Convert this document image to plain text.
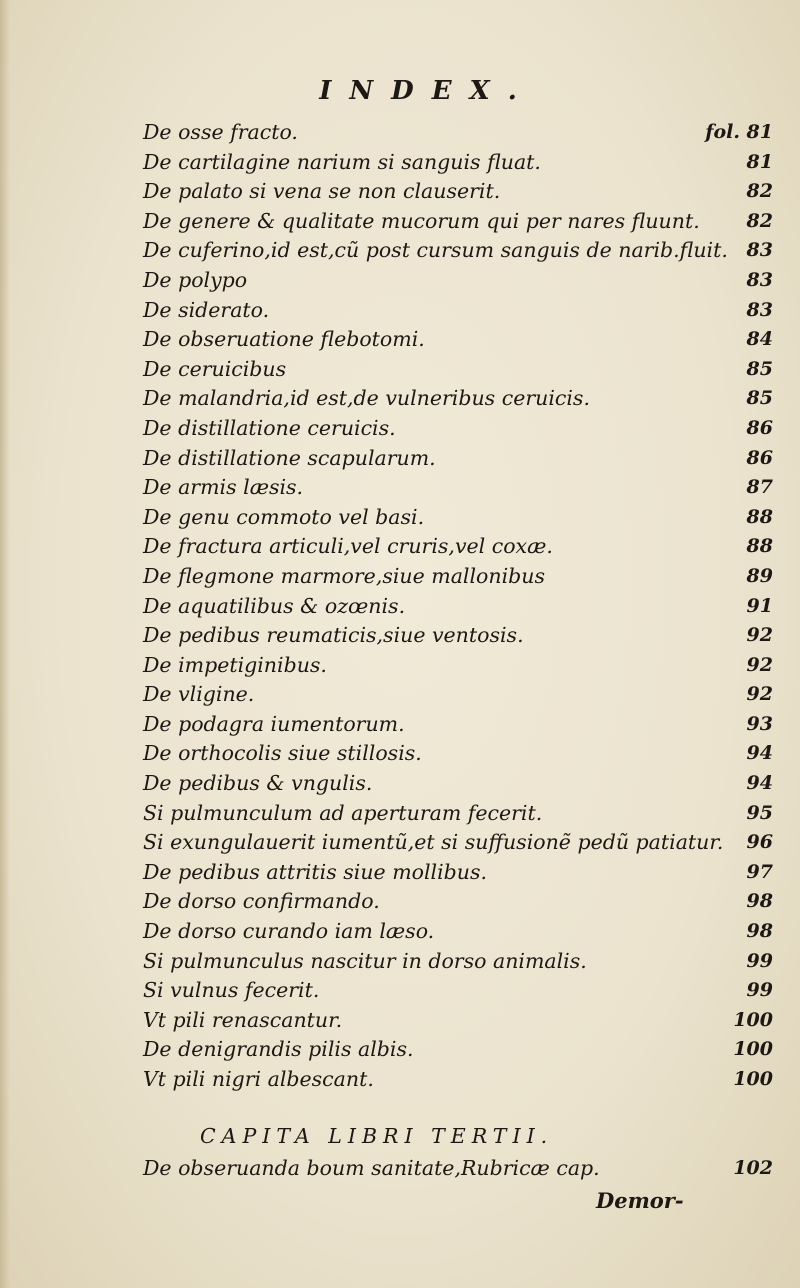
INDEX.
De osse fracto.	fol. 81
De cartilagine narium si sanguis fluat.	81
De palato si vena se non clauserit.	82
De genere & qualitate mucorum qui per nares fluunt. 82
De cuferino,id est,cũ post cursum sanguis de narib.fluit. 83
De polypo	83
De siderato.	83
De obseruatione flebotomi.	84
De ceruicibus	85
De malandria,id est,de vulneribus ceruicis.	85
De distillatione ceruicis.	86
De distillatione scapularum.	86
De armis læsis.	87
De genu commoto vel basi.	88
De fractura articuli,vel cruris,vel coxæ.	88
De flegmone marmore,siue mallonibus	89
De aquatilibus & ozœnis.	91
De pedibus reumaticis,siue ventosis.	92
De impetiginibus.	92
De vligine.	92
De podagra iumentorum.	93
De orthocolis siue stillosis.	94
De pedibus & vngulis.	94
Si pulmunculum ad aperturam fecerit.	95
Si exungulauerit iumentũ,et si suffusionẽ pedũ patiatur. 96
De pedibus attritis siue mollibus.	97
De dorso confirmando.	98
De dorso curando iam læso.	98
Si pulmunculus nascitur in dorso animalis.	99
Si vulnus fecerit.	99
Vt pili renascantur.	100
De denigrandis pilis albis.	100
Vt pili nigri albescant.	100
CAPITA LIBRI TERTII.
De obseruanda boum sanitate,Rubricæ cap.	102
Demor-
